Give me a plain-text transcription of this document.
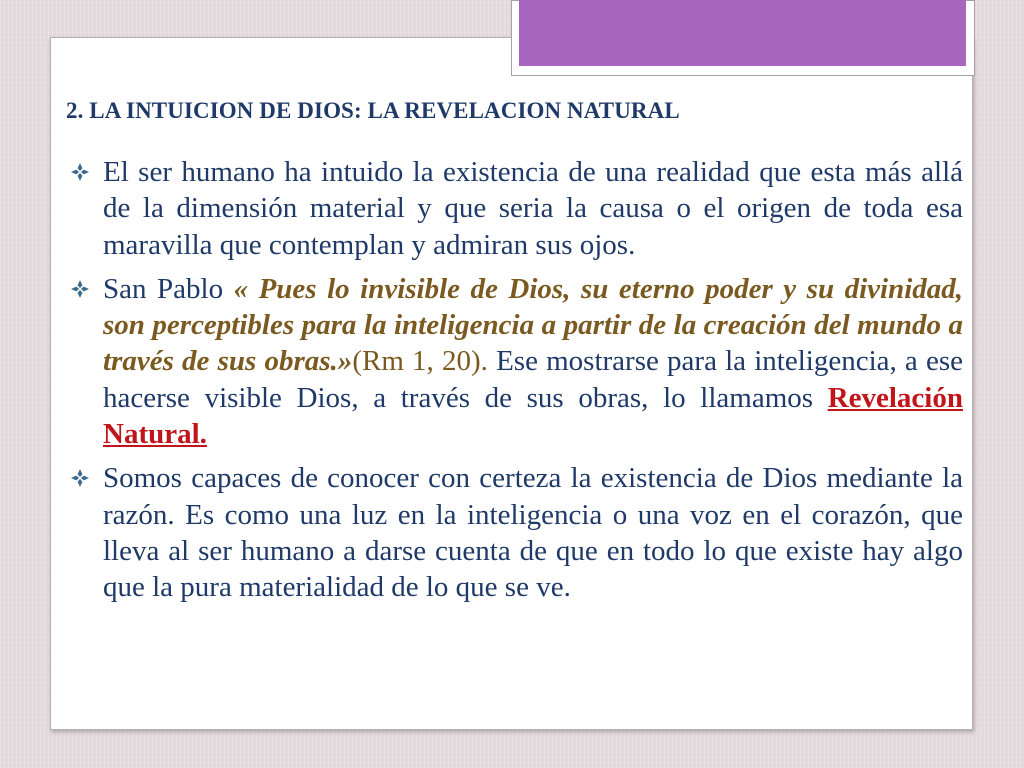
2. LA INTUICION DE DIOS: LA REVELACION NATURAL
El ser humano ha intuido la existencia de una realidad que esta más allá de la dimensión material y que seria la causa o el origen de toda esa maravilla que contemplan y admiran sus ojos.
San Pablo « Pues lo invisible de Dios, su eterno poder y su divinidad, son perceptibles para la inteligencia a partir de la creación del mundo a través de sus obras.»(Rm 1, 20). Ese mostrarse para la inteligencia, a ese hacerse visible Dios, a través de sus obras, lo llamamos Revelación Natural.
Somos capaces de conocer con certeza la existencia de Dios mediante la razón. Es como una luz en la inteligencia o una voz en el corazón, que lleva al ser humano a darse cuenta de que en todo lo que existe hay algo que la pura materialidad de lo que se ve.
